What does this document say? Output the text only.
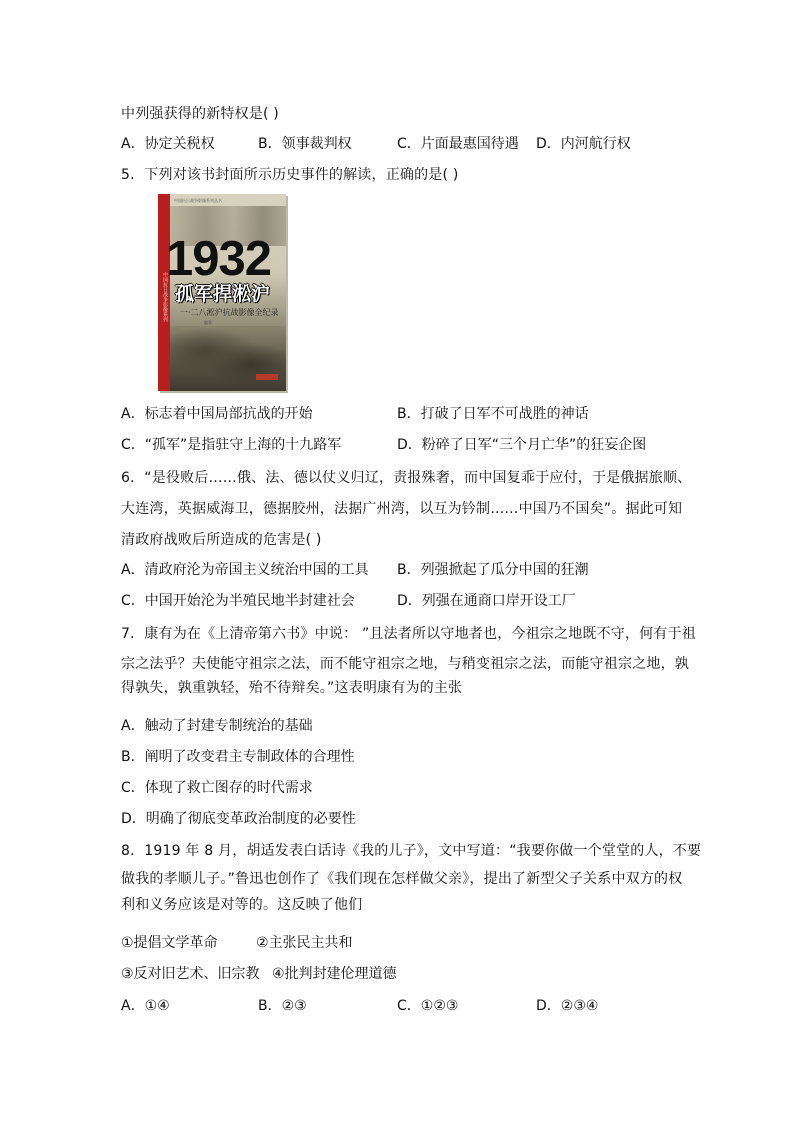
中列强获得的新特权是( )
A．协定关税权	B．领事裁判权	C．片面最惠国待遇 D．内河航行权
5．下列对该书封面所示历史事件的解读，正确的是( )
中国抗日战争影像系列
中国抗日战争影像系列丛书
1932
孤军捍淞沪
一·二八淞沪抗战影像全纪录
编著
A．标志着中国局部抗战的开始	B．打破了日军不可战胜的神话
C．“孤军”是指驻守上海的十九路军	D．粉碎了日军“三个月亡华”的狂妄企图
6．“是役败后……俄、法、德以仗义归辽，责报殊奢，而中国复乖于应付，于是俄据旅顺、
大连湾，英据威海卫，德据胶州，法据广州湾，以互为钤制……中国乃不国矣”。据此可知
清政府战败后所造成的危害是( )
A．清政府沦为帝国主义统治中国的工具 B．列强掀起了瓜分中国的狂潮
C．中国开始沦为半殖民地半封建社会	D．列强在通商口岸开设工厂
7．康有为在《上清帝第六书》中说： ”且法者所以守地者也，今祖宗之地既不守，何有于祖
宗之法乎？夫使能守祖宗之法，而不能守祖宗之地，与稍变祖宗之法，而能守祖宗之地，孰
得孰失，孰重孰轻，殆不待辩矣。”这表明康有为的主张
A．触动了封建专制统治的基础
B．阐明了改变君主专制政体的合理性
C．体现了救亡图存的时代需求
D．明确了彻底变革政治制度的必要性
8．1919 年 8 月，胡适发表白话诗《我的儿子》，文中写道：“我要你做一个堂堂的人，不要
做我的孝顺儿子。”鲁迅也创作了《我们现在怎样做父亲》，提出了新型父子关系中双方的权
利和义务应该是对等的。这反映了他们
①提倡文学革命	②主张民主共和
③反对旧艺术、旧宗教 ④批判封建伦理道德
A．①④	B．②③	C．①②③	D．②③④
